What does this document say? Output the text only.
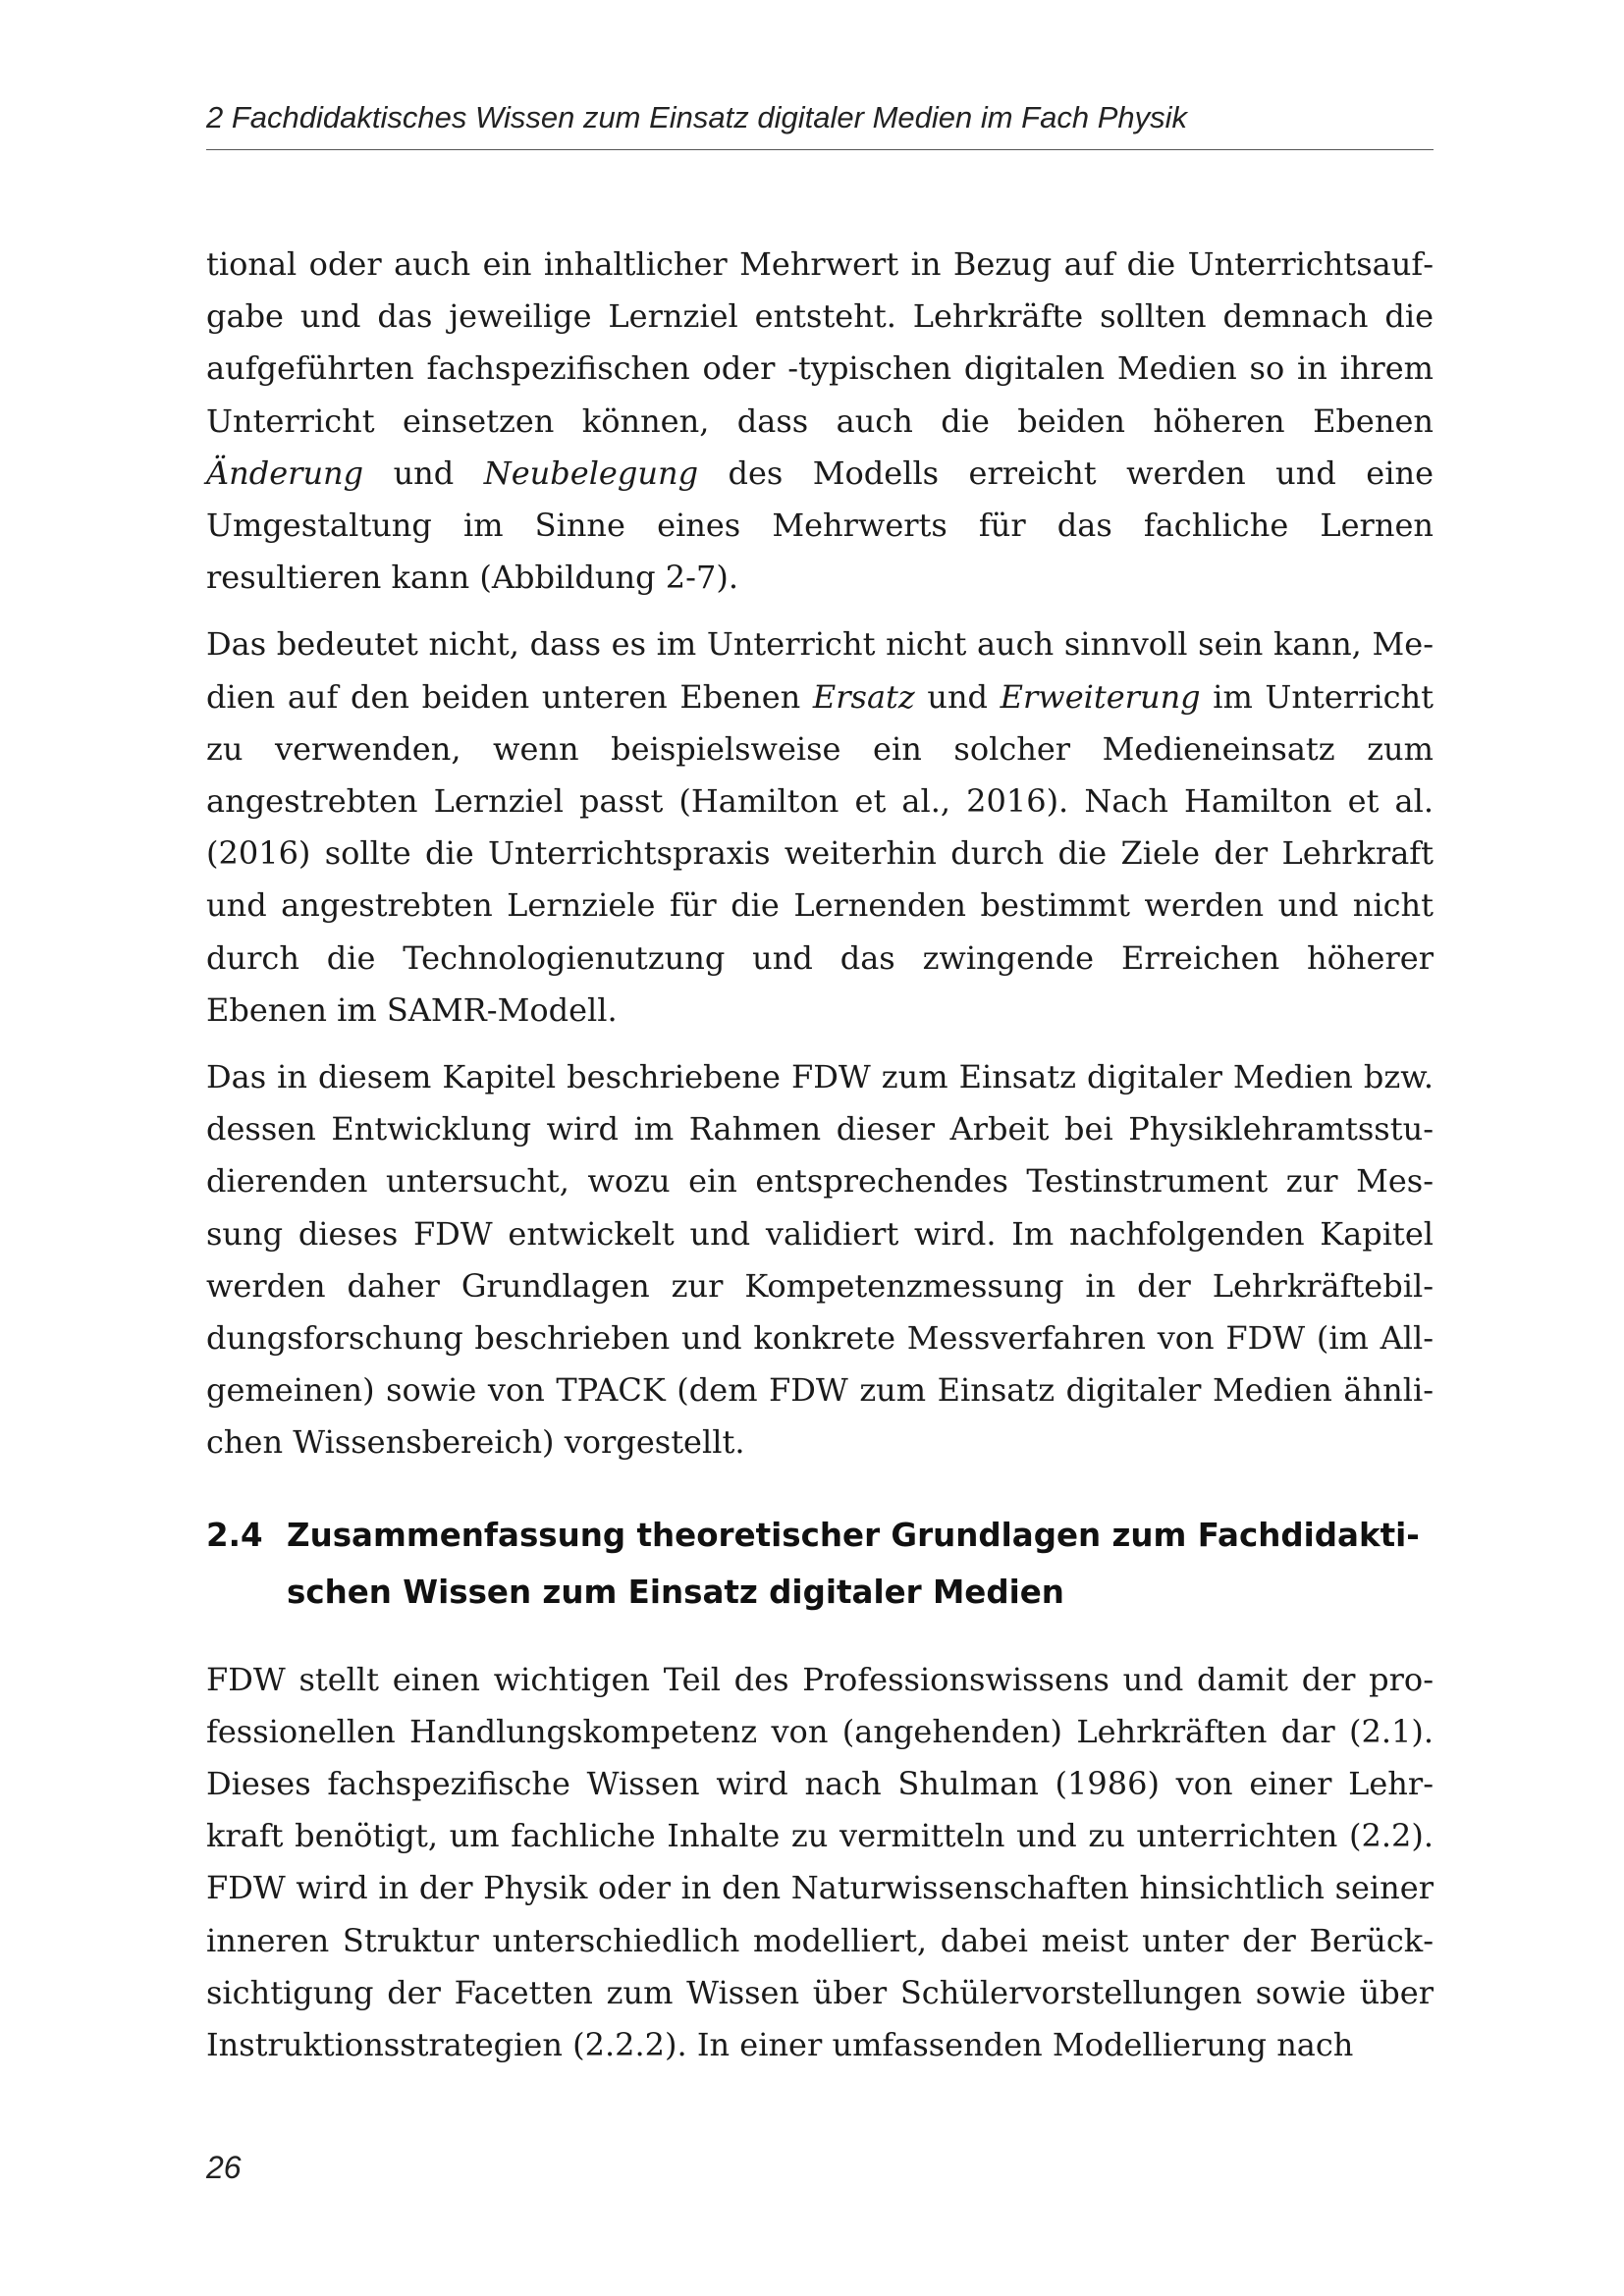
2 Fachdidaktisches Wissen zum Einsatz digitaler Medien im Fach Physik

tional oder auch ein inhaltlicher Mehrwert in Bezug auf die Unterrichtsaufgabe und das jeweilige Lernziel entsteht. Lehrkräfte sollten demnach die aufgeführten fachspezifischen oder -typischen digitalen Medien so in ihrem Unterricht einsetzen können, dass auch die beiden höheren Ebenen Änderung und Neubelegung des Modells erreicht werden und eine Umgestaltung im Sinne eines Mehrwerts für das fachliche Lernen resultieren kann (Abbildung 2-7).

Das bedeutet nicht, dass es im Unterricht nicht auch sinnvoll sein kann, Medien auf den beiden unteren Ebenen Ersatz und Erweiterung im Unterricht zu verwenden, wenn beispielsweise ein solcher Medieneinsatz zum angestrebten Lernziel passt (Hamilton et al., 2016). Nach Hamilton et al. (2016) sollte die Unterrichtspraxis weiterhin durch die Ziele der Lehrkraft und angestrebten Lernziele für die Lernenden bestimmt werden und nicht durch die Technologienutzung und das zwingende Erreichen höherer Ebenen im SAMR-Modell.

Das in diesem Kapitel beschriebene FDW zum Einsatz digitaler Medien bzw. dessen Entwicklung wird im Rahmen dieser Arbeit bei Physiklehramtsstudierenden untersucht, wozu ein entsprechendes Testinstrument zur Messung dieses FDW entwickelt und validiert wird. Im nachfolgenden Kapitel werden daher Grundlagen zur Kompetenzmessung in der Lehrkräftebildungsforschung beschrieben und konkrete Messverfahren von FDW (im Allgemeinen) sowie von TPACK (dem FDW zum Einsatz digitaler Medien ähnlichen Wissensbereich) vorgestellt.

2.4 Zusammenfassung theoretischer Grundlagen zum Fachdidaktischen Wissen zum Einsatz digitaler Medien

FDW stellt einen wichtigen Teil des Professionswissens und damit der professionellen Handlungskompetenz von (angehenden) Lehrkräften dar (2.1). Dieses fachspezifische Wissen wird nach Shulman (1986) von einer Lehrkraft benötigt, um fachliche Inhalte zu vermitteln und zu unterrichten (2.2). FDW wird in der Physik oder in den Naturwissenschaften hinsichtlich seiner inneren Struktur unterschiedlich modelliert, dabei meist unter der Berücksichtigung der Facetten zum Wissen über Schülervorstellungen sowie über Instruktionsstrategien (2.2.2). In einer umfassenden Modellierung nach

26
